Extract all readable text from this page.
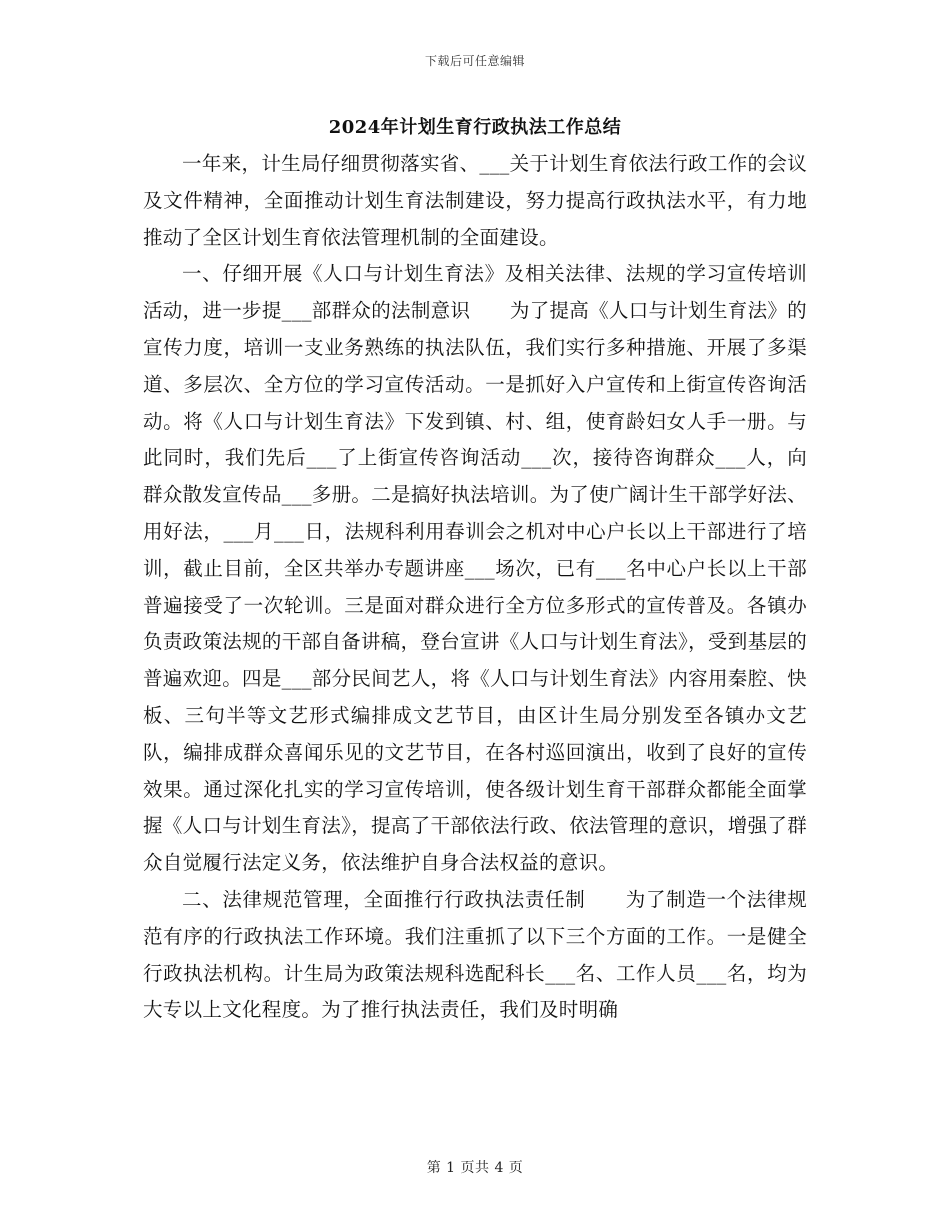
下载后可任意编辑
2024年计划生育行政执法工作总结

一年来，计生局仔细贯彻落实省、___关于计划生育依法行政工作的会议及文件精神，全面推动计划生育法制建设，努力提高行政执法水平，有力地推动了全区计划生育依法管理机制的全面建设。

一、仔细开展《人口与计划生育法》及相关法律、法规的学习宣传培训活动，进一步提___部群众的法制意识　　为了提高《人口与计划生育法》的宣传力度，培训一支业务熟练的执法队伍，我们实行多种措施、开展了多渠道、多层次、全方位的学习宣传活动。一是抓好入户宣传和上街宣传咨询活动。将《人口与计划生育法》下发到镇、村、组，使育龄妇女人手一册。与此同时，我们先后___了上街宣传咨询活动___次，接待咨询群众___人，向群众散发宣传品___多册。二是搞好执法培训。为了使广阔计生干部学好法、用好法，___月___日，法规科利用春训会之机对中心户长以上干部进行了培训，截止目前，全区共举办专题讲座___场次，已有___名中心户长以上干部普遍接受了一次轮训。三是面对群众进行全方位多形式的宣传普及。各镇办负责政策法规的干部自备讲稿，登台宣讲《人口与计划生育法》，受到基层的普遍欢迎。四是___部分民间艺人，将《人口与计划生育法》内容用秦腔、快板、三句半等文艺形式编排成文艺节目，由区计生局分别发至各镇办文艺队，编排成群众喜闻乐见的文艺节目，在各村巡回演出，收到了良好的宣传效果。通过深化扎实的学习宣传培训，使各级计划生育干部群众都能全面掌握《人口与计划生育法》，提高了干部依法行政、依法管理的意识，增强了群众自觉履行法定义务，依法维护自身合法权益的意识。

二、法律规范管理，全面推行行政执法责任制　　为了制造一个法律规范有序的行政执法工作环境。我们注重抓了以下三个方面的工作。一是健全行政执法机构。计生局为政策法规科选配科长___名、工作人员___名，均为大专以上文化程度。为了推行执法责任，我们及时明确

第 1 页共 4 页
